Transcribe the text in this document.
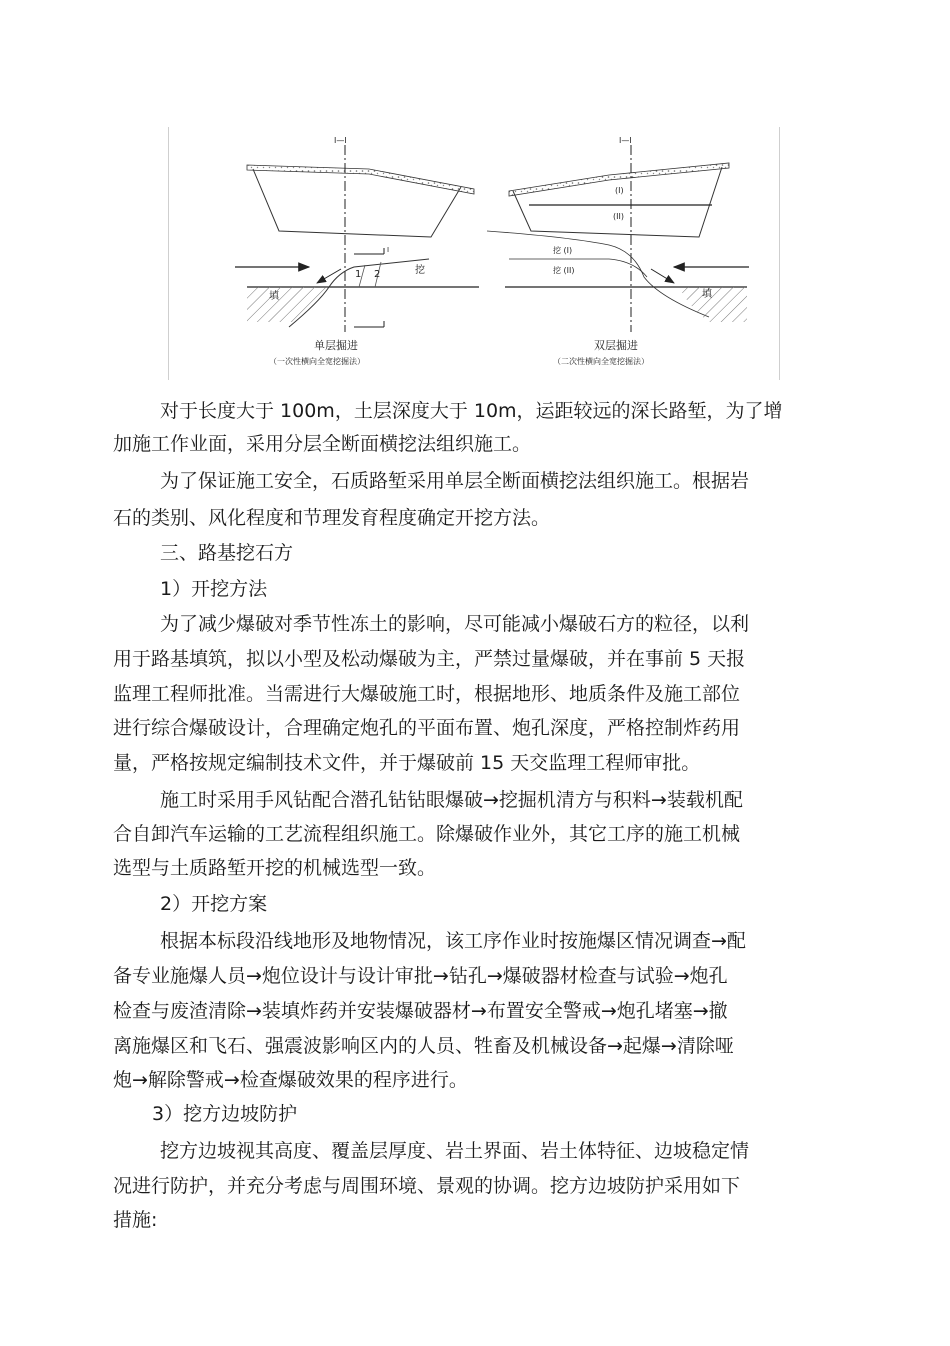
I—I
填
挖
1 2
I
单层掘进
（一次性横向全宽挖掘法）
I—I
(I)
(II)
挖 (I)
挖 (II)
填
双层掘进
（二次性横向全宽挖掘法）
对于长度大于 100m，土层深度大于 10m，运距较远的深长路堑，为了增
加施工作业面，采用分层全断面横挖法组织施工。
为了保证施工安全，石质路堑采用单层全断面横挖法组织施工。根据岩
石的类别、风化程度和节理发育程度确定开挖方法。
三、路基挖石方
1）开挖方法
为了减少爆破对季节性冻土的影响，尽可能减小爆破石方的粒径，以利
用于路基填筑，拟以小型及松动爆破为主，严禁过量爆破，并在事前 5 天报
监理工程师批准。当需进行大爆破施工时，根据地形、地质条件及施工部位
进行综合爆破设计，合理确定炮孔的平面布置、炮孔深度，严格控制炸药用
量，严格按规定编制技术文件，并于爆破前 15 天交监理工程师审批。
施工时采用手风钻配合潜孔钻钻眼爆破→挖掘机清方与积料→装载机配
合自卸汽车运输的工艺流程组织施工。除爆破作业外，其它工序的施工机械
选型与土质路堑开挖的机械选型一致。
2）开挖方案
根据本标段沿线地形及地物情况，该工序作业时按施爆区情况调查→配
备专业施爆人员→炮位设计与设计审批→钻孔→爆破器材检查与试验→炮孔
检查与废渣清除→装填炸药并安装爆破器材→布置安全警戒→炮孔堵塞→撤
离施爆区和飞石、强震波影响区内的人员、牲畜及机械设备→起爆→清除哑
炮→解除警戒→检查爆破效果的程序进行。
3）挖方边坡防护
挖方边坡视其高度、覆盖层厚度、岩土界面、岩土体特征、边坡稳定情
况进行防护，并充分考虑与周围环境、景观的协调。挖方边坡防护采用如下
措施:
